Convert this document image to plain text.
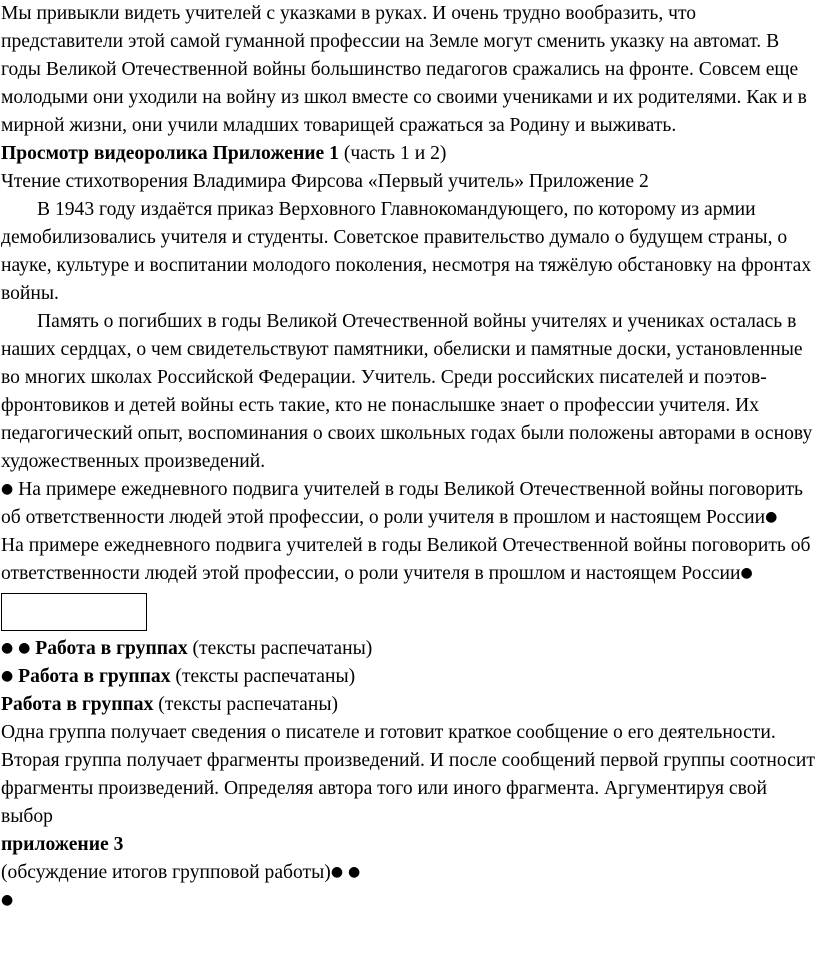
Мы привыкли видеть учителей с указками в руках. И очень трудно вообразить, что представители этой самой гуманной профессии на Земле могут сменить указку на автомат. В годы Великой Отечественной войны большинство педагогов сражались на фронте. Совсем еще молодыми они уходили на войну из школ вместе со своими учениками и их родителями. Как и в мирной жизни, они учили младших товарищей сражаться за Родину и выживать.

Просмотр видеоролика Приложение 1 (часть 1 и 2)

Чтение стихотворения Владимира Фирсова «Первый учитель» Приложение 2

В 1943 году издаётся приказ Верховного Главнокомандующего, по которому из армии демобилизовались учителя и студенты. Советское правительство думало о будущем страны, о науке, культуре и воспитании молодого поколения, несмотря на тяжёлую обстановку на фронтах войны.

Память о погибших в годы Великой Отечественной войны учителях и учениках осталась в наших сердцах, о чем свидетельствуют памятники, обелиски и памятные доски, установленные во многих школах Российской Федерации. Учитель. Среди российских писателей и поэтов-фронтовиков и детей войны есть такие, кто не понаслышке знает о профессии учителя. Их педагогический опыт, воспоминания о своих школьных годах были положены авторами в основу художественных произведений.

● На примере ежедневного подвига учителей в годы Великой Отечественной войны поговорить об ответственности людей этой профессии, о роли учителя в прошлом и настоящем России●

На примере ежедневного подвига учителей в годы Великой Отечественной войны поговорить об ответственности людей этой профессии, о роли учителя в прошлом и настоящем России●

● ● Работа в группах (тексты распечатаны)

● Работа в группах (тексты распечатаны)

Работа в группах (тексты распечатаны)

Одна группа получает сведения о писателе и готовит краткое сообщение о его деятельности. Вторая группа получает фрагменты произведений. И после сообщений первой группы соотносит фрагменты произведений. Определяя автора того или иного фрагмента. Аргументируя свой выбор

приложение 3

(обсуждение итогов групповой работы)● ●

●
